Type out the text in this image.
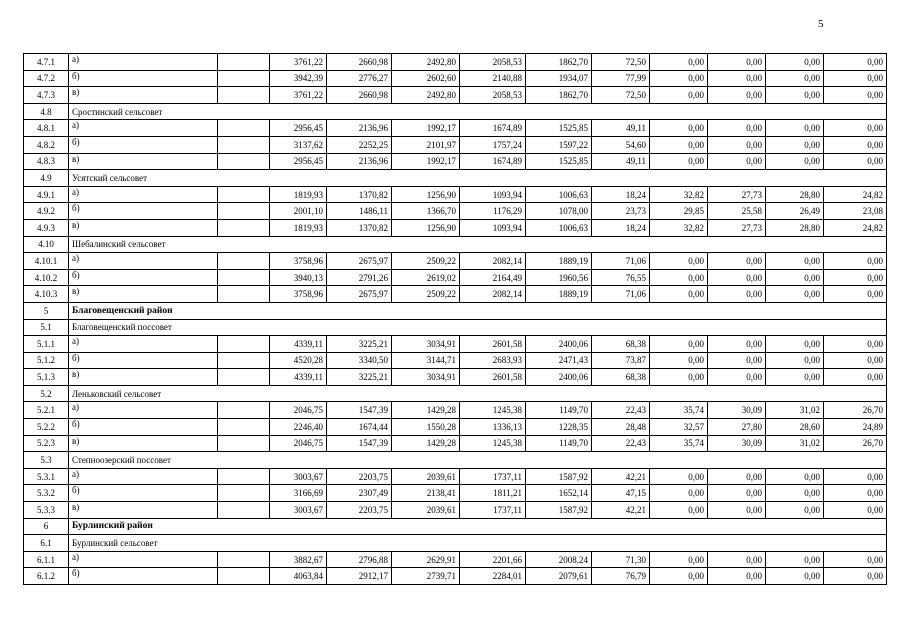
5
4.7.1	а)		3761,22	2660,98	2492,80	2058,53	1862,70	72,50	0,00	0,00	0,00	0,00	
4.7.2	б)		3942,39	2776,27	2602,60	2140,88	1934,07	77,99	0,00	0,00	0,00	0,00	
4.7.3	в)		3761,22	2660,98	2492,80	2058,53	1862,70	72,50	0,00	0,00	0,00	0,00	
4.8	Сростинский сельсовет												
4.8.1	а)		2956,45	2136,96	1992,17	1674,89	1525,85	49,11	0,00	0,00	0,00	0,00	
4.8.2	б)		3137,62	2252,25	2101,97	1757,24	1597,22	54,60	0,00	0,00	0,00	0,00	
4.8.3	в)		2956,45	2136,96	1992,17	1674,89	1525,85	49,11	0,00	0,00	0,00	0,00	
4.9	Усятский сельсовет												
4.9.1	а)		1819,93	1370,82	1256,90	1093,94	1006,63	18,24	32,82	27,73	28,80	24,82	
4.9.2	б)		2001,10	1486,11	1366,70	1176,29	1078,00	23,73	29,85	25,58	26,49	23,08	
4.9.3	в)		1819,93	1370,82	1256,90	1093,94	1006,63	18,24	32,82	27,73	28,80	24,82	
4.10	Шебалинский сельсовет												
4.10.1	а)		3758,96	2675,97	2509,22	2082,14	1889,19	71,06	0,00	0,00	0,00	0,00	
4.10.2	б)		3940,13	2791,26	2619,02	2164,49	1960,56	76,55	0,00	0,00	0,00	0,00	
4.10.3	в)		3758,96	2675,97	2509,22	2082,14	1889,19	71,06	0,00	0,00	0,00	0,00	
5	Благовещенский район												
5.1	Благовещенский поссовет												
5.1.1	а)		4339,11	3225,21	3034,91	2601,58	2400,06	68,38	0,00	0,00	0,00	0,00	
5.1.2	б)		4520,28	3340,50	3144,71	2683,93	2471,43	73,87	0,00	0,00	0,00	0,00	
5.1.3	в)		4339,11	3225,21	3034,91	2601,58	2400,06	68,38	0,00	0,00	0,00	0,00	
5.2	Леньковский сельсовет												
5.2.1	а)		2046,75	1547,39	1429,28	1245,38	1149,70	22,43	35,74	30,09	31,02	26,70	
5.2.2	б)		2246,40	1674,44	1550,28	1336,13	1228,35	28,48	32,57	27,80	28,60	24,89	
5.2.3	в)		2046,75	1547,39	1429,28	1245,38	1149,70	22,43	35,74	30,09	31,02	26,70	
5.3	Степноозерский поссовет												
5.3.1	а)		3003,67	2203,75	2039,61	1737,11	1587,92	42,21	0,00	0,00	0,00	0,00	
5.3.2	б)		3166,69	2307,49	2138,41	1811,21	1652,14	47,15	0,00	0,00	0,00	0,00	
5.3.3	в)		3003,67	2203,75	2039,61	1737,11	1587,92	42,21	0,00	0,00	0,00	0,00	
6	Бурлинский район												
6.1	Бурлинский сельсовет												
6.1.1	а)		3882,67	2796,88	2629,91	2201,66	2008,24	71,30	0,00	0,00	0,00	0,00	
6.1.2	б)		4063,84	2912,17	2739,71	2284,01	2079,61	76,79	0,00	0,00	0,00	0,00	
